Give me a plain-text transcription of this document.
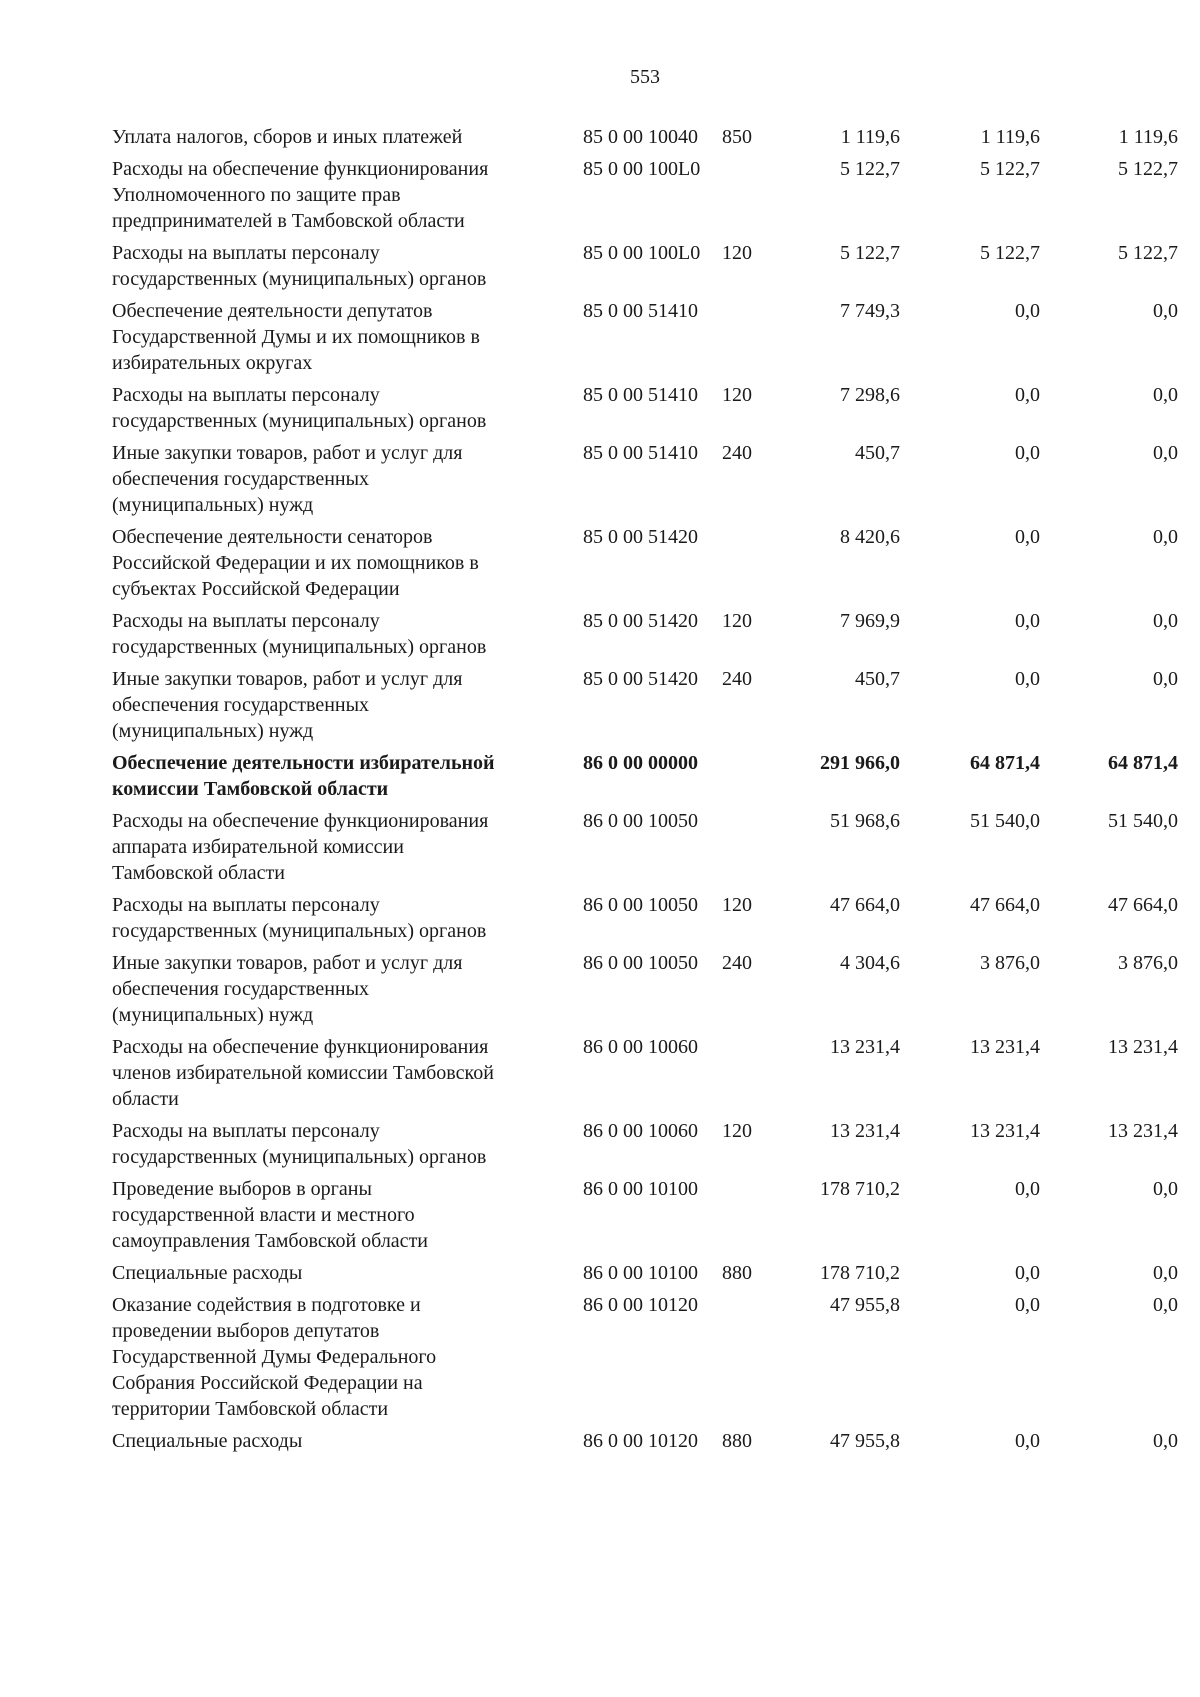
553
Уплата налогов, сборов и иных платежей	85 0 00 10040 850	1 119,6	1 119,6	1 119,6
Расходы на обеспечение функционирования
Уполномоченного по защите прав
предпринимателей в Тамбовской области
85 0 00 100L0	5 122,7	5 122,7	5 122,7
Расходы на выплаты персоналу
государственных (муниципальных) органов
85 0 00 100L0 120	5 122,7	5 122,7	5 122,7
Обеспечение деятельности депутатов
Государственной Думы и их помощников в
избирательных округах
85 0 00 51410	7 749,3	0,0	0,0
Расходы на выплаты персоналу
государственных (муниципальных) органов
85 0 00 51410 120	7 298,6	0,0	0,0
Иные закупки товаров, работ и услуг для
обеспечения государственных
(муниципальных) нужд
85 0 00 51410 240	450,7	0,0	0,0
Обеспечение деятельности сенаторов
Российской Федерации и их помощников в
субъектах Российской Федерации
85 0 00 51420	8 420,6	0,0	0,0
Расходы на выплаты персоналу
государственных (муниципальных) органов
85 0 00 51420 120	7 969,9	0,0	0,0
Иные закупки товаров, работ и услуг для
обеспечения государственных
(муниципальных) нужд
85 0 00 51420 240	450,7	0,0	0,0
Обеспечение деятельности избирательной
комиссии Тамбовской области
86 0 00 00000	291 966,0	64 871,4	64 871,4
Расходы на обеспечение функционирования
аппарата избирательной комиссии
Тамбовской области
86 0 00 10050	51 968,6	51 540,0	51 540,0
Расходы на выплаты персоналу
государственных (муниципальных) органов
86 0 00 10050 120	47 664,0	47 664,0	47 664,0
Иные закупки товаров, работ и услуг для
обеспечения государственных
(муниципальных) нужд
86 0 00 10050 240	4 304,6	3 876,0	3 876,0
Расходы на обеспечение функционирования
членов избирательной комиссии Тамбовской
области
86 0 00 10060	13 231,4	13 231,4	13 231,4
Расходы на выплаты персоналу
государственных (муниципальных) органов
86 0 00 10060 120	13 231,4	13 231,4	13 231,4
Проведение выборов в органы
государственной власти и местного
самоуправления Тамбовской области
86 0 00 10100	178 710,2	0,0	0,0
Специальные расходы	86 0 00 10100 880	178 710,2	0,0	0,0
Оказание содействия в подготовке и
проведении выборов депутатов
Государственной Думы Федерального
Собрания Российской Федерации на
территории Тамбовской области
86 0 00 10120	47 955,8	0,0	0,0
Специальные расходы	86 0 00 10120 880	47 955,8	0,0	0,0
